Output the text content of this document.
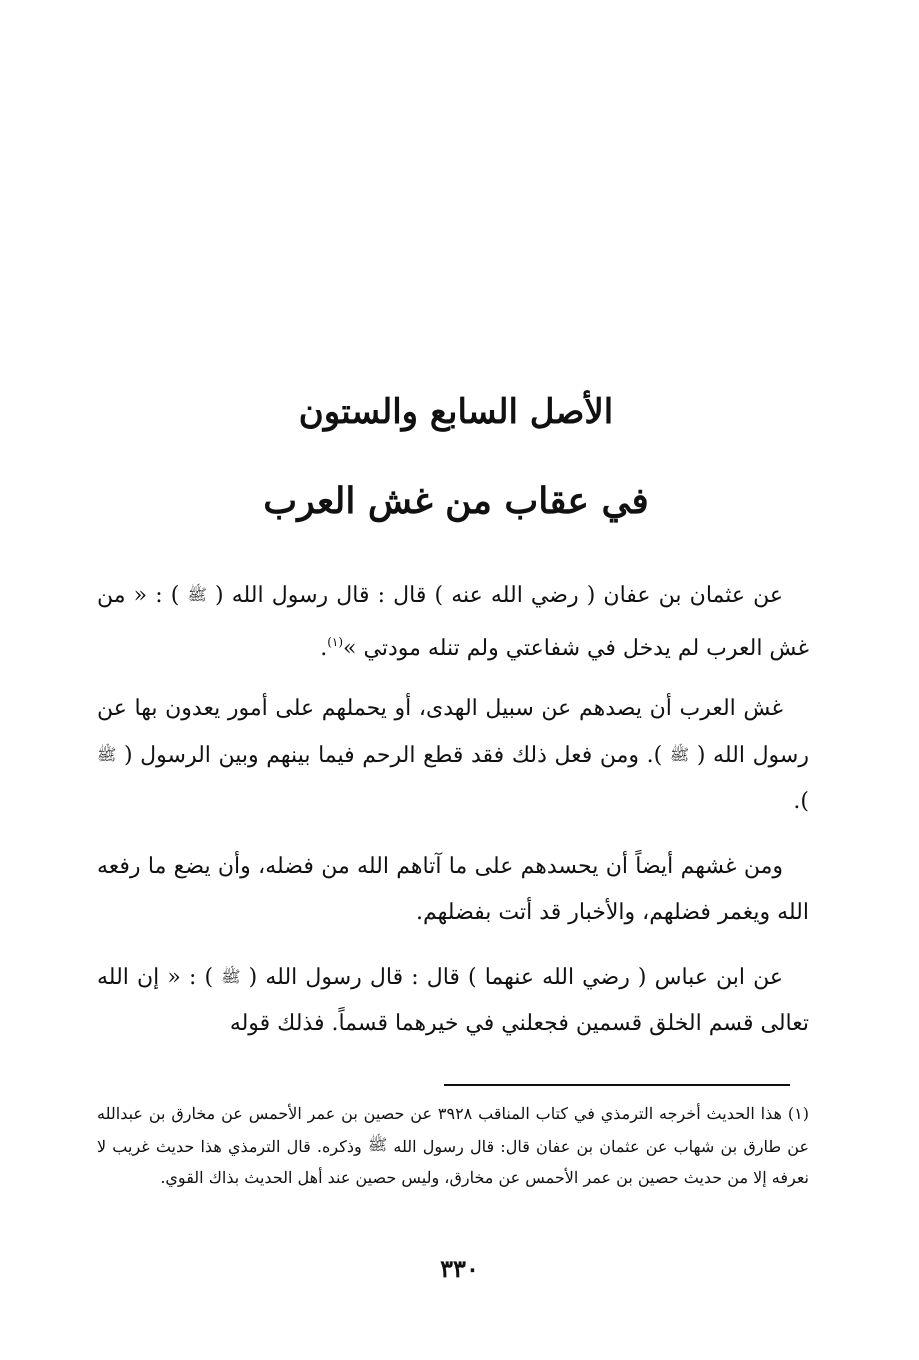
الأصل السابع والستون
في عقاب من غش العرب

عن عثمان بن عفان ( رضي الله عنه ) قال : قال رسول الله ( ﷺ ) : « من غش العرب لم يدخل في شفاعتي ولم تنله مودتي »$^{(١)}$.

غش العرب أن يصدهم عن سبيل الهدى، أو يحملهم على أمور يعدون بها عن رسول الله ( ﷺ ). ومن فعل ذلك فقد قطع الرحم فيما بينهم وبين الرسول ( ﷺ ).

ومن غشهم أيضاً أن يحسدهم على ما آتاهم الله من فضله، وأن يضع ما رفعه الله ويغمر فضلهم، والأخبار قد أتت بفضلهم.

عن ابن عباس ( رضي الله عنهما ) قال : قال رسول الله ( ﷺ ) : « إن الله تعالى قسم الخلق قسمين فجعلني في خيرهما قسماً. فذلك قوله

(١)هذا الحديث أخرجه الترمذي في كتاب المناقب ٣٩٢٨ عن حصين بن عمر الأحمس عن مخارق بن عبدالله عن طارق بن شهاب عن عثمان بن عفان قال: قال رسول الله ﷺ وذكره. قال الترمذي هذا حديث غريب لا نعرفه إلا من حديث حصين بن عمر الأحمس عن مخارق، وليس حصين عند أهل الحديث بذاك القوي.
٣٣٠
